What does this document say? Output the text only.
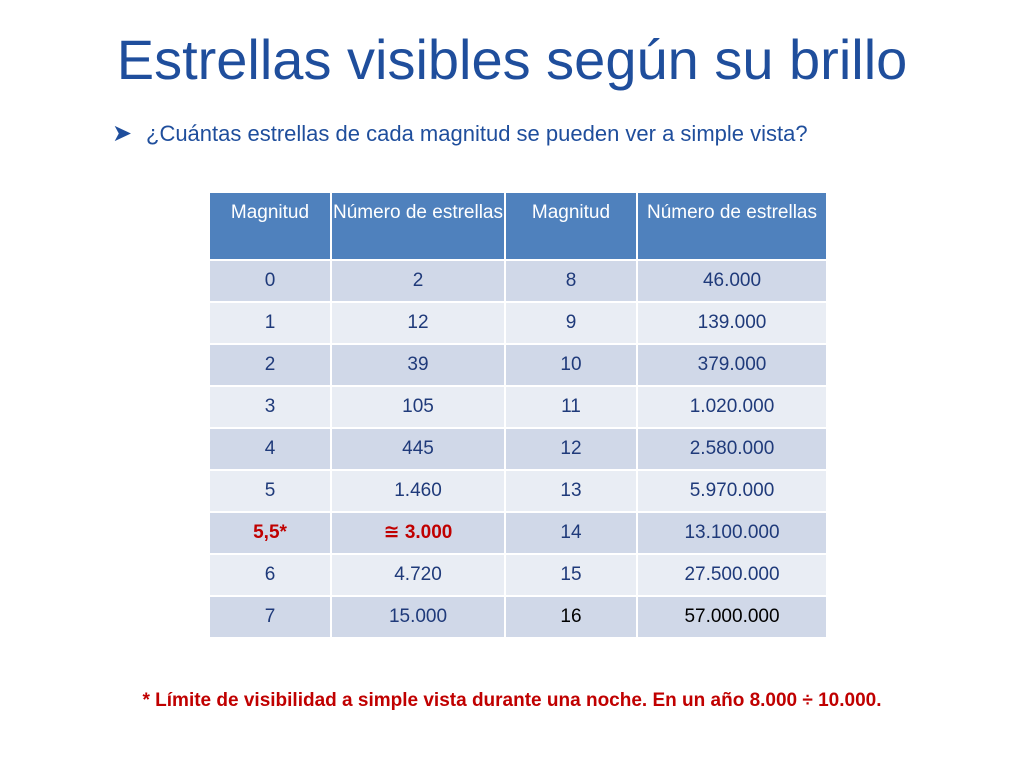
Estrellas visibles según su brillo
➤ ¿Cuántas estrellas de cada magnitud se pueden ver a simple vista?
Magnitud	Número de estrellas	Magnitud	Número de estrellas
0	2	8	46.000
1	12	9	139.000
2	39	10	379.000
3	105	11	1.020.000
4	445	12	2.580.000
5	1.460	13	5.970.000
5,5*	≅ 3.000	14	13.100.000
6	4.720	15	27.500.000
7	15.000	16	57.000.000
* Límite de visibilidad a simple vista durante una noche. En un año 8.000 ÷ 10.000.
